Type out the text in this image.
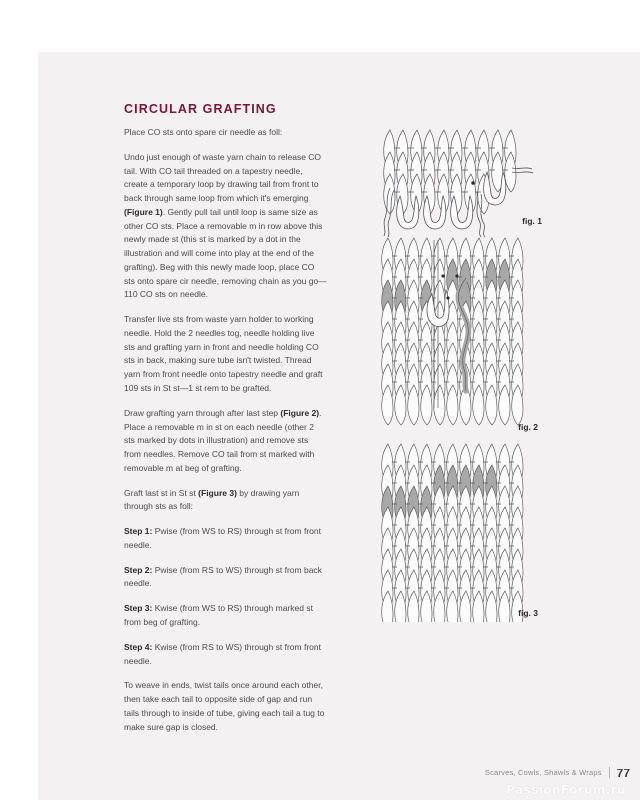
CIRCULAR GRAFTING

Place CO sts onto spare cir needle as foll:

Undo just enough of waste yarn chain to release CO tail. With CO tail threaded on a tapestry needle, create a temporary loop by drawing tail from front to back through same loop from which it's emerging (Figure 1). Gently pull tail until loop is same size as other CO sts. Place a removable m in row above this newly made st (this st is marked by a dot in the illustration and will come into play at the end of the grafting). Beg with this newly made loop, place CO sts onto spare cir needle, removing chain as you go—110 CO sts on needle.

Transfer live sts from waste yarn holder to working needle. Hold the 2 needles tog, needle holding live sts and grafting yarn in front and needle holding CO sts in back, making sure tube isn't twisted. Thread yarn from front needle onto tapestry needle and graft 109 sts in St st—1 st rem to be grafted.

Draw grafting yarn through after last step (Figure 2). Place a removable m in st on each needle (other 2 sts marked by dots in illustration) and remove sts from needles. Remove CO tail from st marked with removable m at beg of grafting.

Graft last st in St st (Figure 3) by drawing yarn through sts as foll:

Step 1: Pwise (from WS to RS) through st from front needle.

Step 2: Pwise (from RS to WS) through st from back needle.

Step 3: Kwise (from WS to RS) through marked st from beg of grafting.

Step 4: Kwise (from RS to WS) through st from front needle.

To weave in ends, twist tails once around each other, then take each tail to opposite side of gap and run tails through to inside of tube, giving each tail a tug to make sure gap is closed.

fig. 1
fig. 2
fig. 3
Scarves, Cowls, Shawls & Wraps 77
PassionForum.ru
